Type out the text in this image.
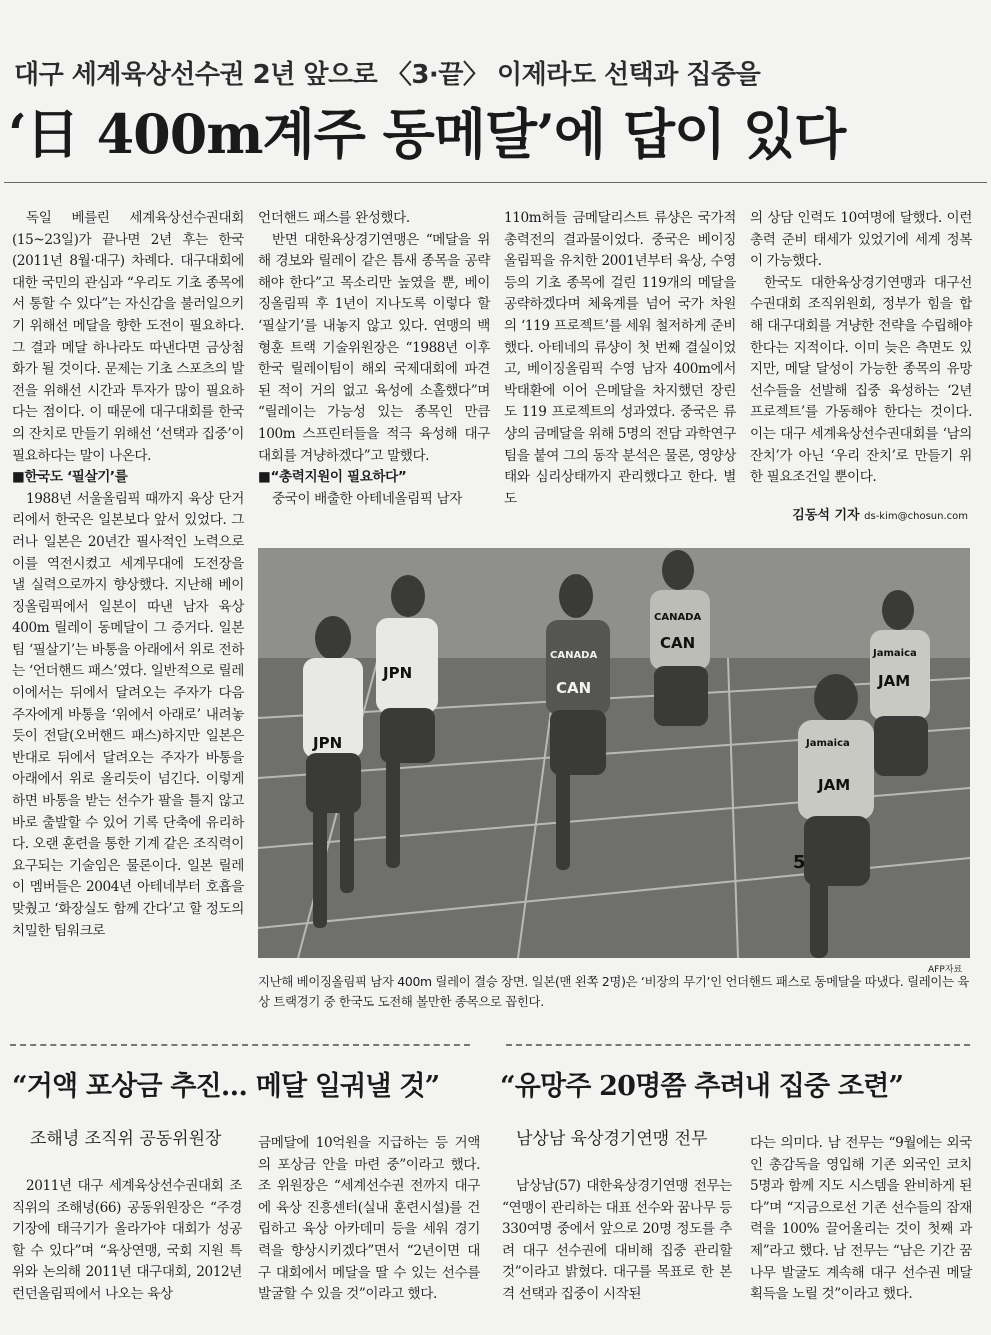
대구 세계육상선수권 2년 앞으로 〈3·끝〉 이제라도 선택과 집중을
‘日 400m계주 동메달’에 답이 있다

독일 베를린 세계육상선수권대회(15~23일)가 끝나면 2년 후는 한국(2011년 8월·대구) 차례다. 대구대회에 대한 국민의 관심과 “우리도 기초 종목에서 통할 수 있다”는 자신감을 불러일으키기 위해선 메달을 향한 도전이 필요하다. 그 결과 메달 하나라도 따낸다면 금상첨화가 될 것이다. 문제는 기초 스포츠의 발전을 위해선 시간과 투자가 많이 필요하다는 점이다. 이 때문에 대구대회를 한국의 잔치로 만들기 위해선 ‘선택과 집중’이 필요하다는 말이 나온다.

■한국도 ‘필살기’를

1988년 서울올림픽 때까지 육상 단거리에서 한국은 일본보다 앞서 있었다. 그러나 일본은 20년간 필사적인 노력으로 이를 역전시켰고 세계무대에 도전장을 낼 실력으로까지 향상했다. 지난해 베이징올림픽에서 일본이 따낸 남자 육상 400m 릴레이 동메달이 그 증거다. 일본팀 ‘필살기’는 바통을 아래에서 위로 전하는 ‘언더핸드 패스’였다. 일반적으로 릴레이에서는 뒤에서 달려오는 주자가 다음 주자에게 바통을 ‘위에서 아래로’ 내려놓듯이 전달(오버핸드 패스)하지만 일본은 반대로 뒤에서 달려오는 주자가 바통을 아래에서 위로 올리듯이 넘긴다. 이렇게 하면 바통을 받는 선수가 팔을 틀지 않고 바로 출발할 수 있어 기록 단축에 유리하다. 오랜 훈련을 통한 기계 같은 조직력이 요구되는 기술임은 물론이다. 일본 릴레이 멤버들은 2004년 아테네부터 호흡을 맞췄고 ‘화장실도 함께 간다’고 할 정도의 치밀한 팀워크로

언더핸드 패스를 완성했다.

반면 대한육상경기연맹은 “메달을 위해 경보와 릴레이 같은 틈새 종목을 공략해야 한다”고 목소리만 높였을 뿐, 베이징올림픽 후 1년이 지나도록 이렇다 할 ‘필살기’를 내놓지 않고 있다. 연맹의 백형훈 트랙 기술위원장은 “1988년 이후 한국 릴레이팀이 해외 국제대회에 파견된 적이 거의 없고 육성에 소홀했다”며 “릴레이는 가능성 있는 종목인 만큼 100m 스프린터들을 적극 육성해 대구 대회를 겨냥하겠다”고 말했다.

■“총력지원이 필요하다”

중국이 배출한 아테네올림픽 남자

110m허들 금메달리스트 류샹은 국가적 총력전의 결과물이었다. 중국은 베이징올림픽을 유치한 2001년부터 육상, 수영 등의 기초 종목에 걸린 119개의 메달을 공략하겠다며 체육계를 넘어 국가 차원의 ‘119 프로젝트’를 세워 철저하게 준비했다. 아테네의 류샹이 첫 번째 결실이었고, 베이징올림픽 수영 남자 400m에서 박태환에 이어 은메달을 차지했던 장린도 119 프로젝트의 성과였다. 중국은 류샹의 금메달을 위해 5명의 전담 과학연구팀을 붙여 그의 동작 분석은 물론, 영양상태와 심리상태까지 관리했다고 한다. 별도

의 상담 인력도 10여명에 달했다. 이런 총력 준비 태세가 있었기에 세계 정복이 가능했다.

한국도 대한육상경기연맹과 대구선수권대회 조직위원회, 정부가 힘을 합해 대구대회를 겨냥한 전략을 수립해야 한다는 지적이다. 이미 늦은 측면도 있지만, 메달 달성이 가능한 종목의 유망 선수들을 선발해 집중 육성하는 ‘2년 프로젝트’를 가동해야 한다는 것이다. 이는 대구 세계육상선수권대회를 ‘남의 잔치’가 아닌 ‘우리 잔치’로 만들기 위한 필요조건일 뿐이다.

김동석 기자 ds-kim@chosun.com
JPN
JPN
CANADA
CAN
CANADA
CAN
Jamaica
JAM
Jamaica
JAM
5
AFP자료
지난해 베이징올림픽 남자 400m 릴레이 결승 장면. 일본(맨 왼쪽 2명)은 ‘비장의 무기’인 언더핸드 패스로 동메달을 따냈다. 릴레이는 육상 트랙경기 중 한국도 도전해 볼만한 종목으로 꼽힌다.
“거액 포상금 추진… 메달 일궈낼 것”
조해녕 조직위 공동위원장

2011년 대구 세계육상선수권대회 조직위의 조해녕(66) 공동위원장은 “주경기장에 태극기가 올라가야 대회가 성공할 수 있다”며 “육상연맹, 국회 지원 특위와 논의해 2011년 대구대회, 2012년 런던올림픽에서 나오는 육상

금메달에 10억원을 지급하는 등 거액의 포상금 안을 마련 중”이라고 했다. 조 위원장은 “세계선수권 전까지 대구에 육상 진흥센터(실내 훈련시설)를 건립하고 육상 아카데미 등을 세워 경기력을 향상시키겠다”면서 “2년이면 대구 대회에서 메달을 딸 수 있는 선수를 발굴할 수 있을 것”이라고 했다.

“유망주 20명쯤 추려내 집중 조련”
남상남 육상경기연맹 전무

남상남(57) 대한육상경기연맹 전무는 “연맹이 관리하는 대표 선수와 꿈나무 등 330여명 중에서 앞으로 20명 정도를 추려 대구 선수권에 대비해 집중 관리할 것”이라고 밝혔다. 대구를 목표로 한 본격 선택과 집중이 시작된

다는 의미다. 남 전무는 “9월에는 외국인 총감독을 영입해 기존 외국인 코치 5명과 함께 지도 시스템을 완비하게 된다”며 “지금으로선 기존 선수들의 잠재력을 100% 끌어올리는 것이 첫째 과제”라고 했다. 남 전무는 “남은 기간 꿈나무 발굴도 계속해 대구 선수권 메달 획득을 노릴 것”이라고 했다.
